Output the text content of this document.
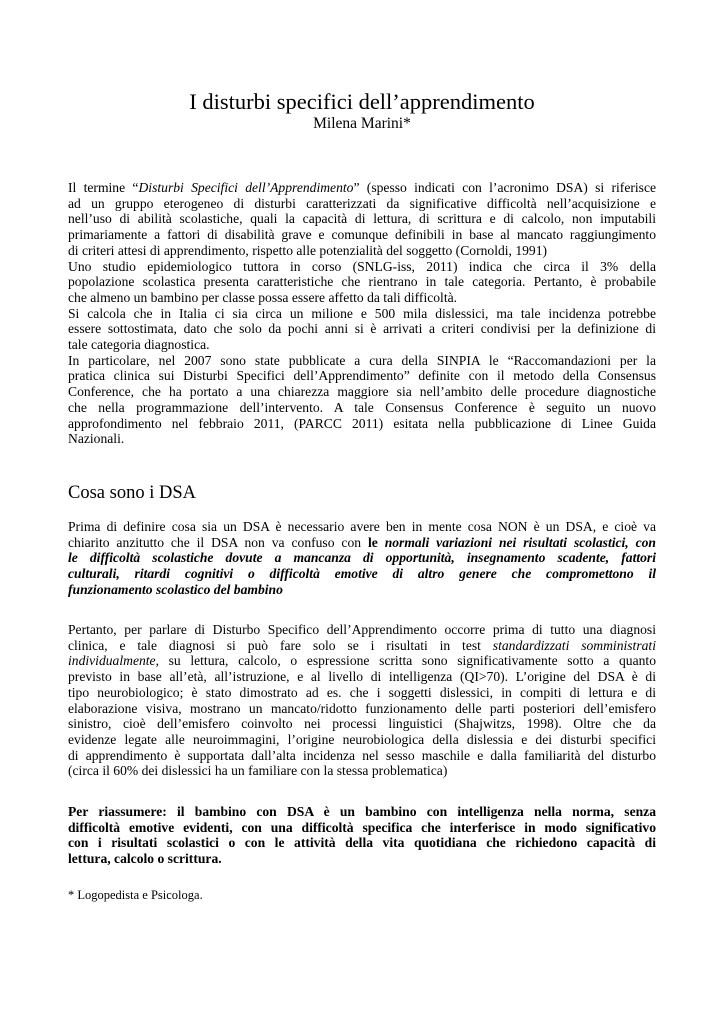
I disturbi specifici dell’apprendimento
Milena Marini*
Il termine “Disturbi Specifici dell’Apprendimento” (spesso indicati con l’acronimo DSA) si riferisce
ad un gruppo eterogeneo di disturbi caratterizzati da significative difficoltà nell’acquisizione e
nell’uso di abilità scolastiche, quali la capacità di lettura, di scrittura e di calcolo, non imputabili
primariamente a fattori di disabilità grave e comunque definibili in base al mancato raggiungimento
di criteri attesi di apprendimento, rispetto alle potenzialità del soggetto (Cornoldi, 1991)
Uno studio epidemiologico tuttora in corso (SNLG-iss, 2011) indica che circa il 3% della
popolazione scolastica presenta caratteristiche che rientrano in tale categoria. Pertanto, è probabile
che almeno un bambino per classe possa essere affetto da tali difficoltà.
Si calcola che in Italia ci sia circa un milione e 500 mila dislessici, ma tale incidenza potrebbe
essere sottostimata, dato che solo da pochi anni si è arrivati a criteri condivisi per la definizione di
tale categoria diagnostica.
In particolare, nel 2007 sono state pubblicate a cura della SINPIA le “Raccomandazioni per la
pratica clinica sui Disturbi Specifici dell’Apprendimento” definite con il metodo della Consensus
Conference, che ha portato a una chiarezza maggiore sia nell’ambito delle procedure diagnostiche
che nella programmazione dell’intervento. A tale Consensus Conference è seguito un nuovo
approfondimento nel febbraio 2011, (PARCC 2011) esitata nella pubblicazione di Linee Guida
Nazionali.
Cosa sono i DSA
Prima di definire cosa sia un DSA è necessario avere ben in mente cosa NON è un DSA, e cioè va
chiarito anzitutto che il DSA non va confuso con le normali variazioni nei risultati scolastici, con
le difficoltà scolastiche dovute a mancanza di opportunità, insegnamento scadente, fattori
culturali, ritardi cognitivi o difficoltà emotive di altro genere che compromettono il
funzionamento scolastico del bambino
Pertanto, per parlare di Disturbo Specifico dell’Apprendimento occorre prima di tutto una diagnosi
clinica, e tale diagnosi si può fare solo se i risultati in test standardizzati somministrati
individualmente, su lettura, calcolo, o espressione scritta sono significativamente sotto a quanto
previsto in base all’età, all’istruzione, e al livello di intelligenza (QI>70). L’origine del DSA è di
tipo neurobiologico; è stato dimostrato ad es. che i soggetti dislessici, in compiti di lettura e di
elaborazione visiva, mostrano un mancato/ridotto funzionamento delle parti posteriori dell’emisfero
sinistro, cioè dell’emisfero coinvolto nei processi linguistici (Shajwitzs, 1998). Oltre che da
evidenze legate alle neuroimmagini, l’origine neurobiologica della dislessia e dei disturbi specifici
di apprendimento è supportata dall’alta incidenza nel sesso maschile e dalla familiarità del disturbo
(circa il 60% dei dislessici ha un familiare con la stessa problematica)
Per riassumere: il bambino con DSA è un bambino con intelligenza nella norma, senza
difficoltà emotive evidenti, con una difficoltà specifica che interferisce in modo significativo
con i risultati scolastici o con le attività della vita quotidiana che richiedono capacità di
lettura, calcolo o scrittura.
* Logopedista e Psicologa.
